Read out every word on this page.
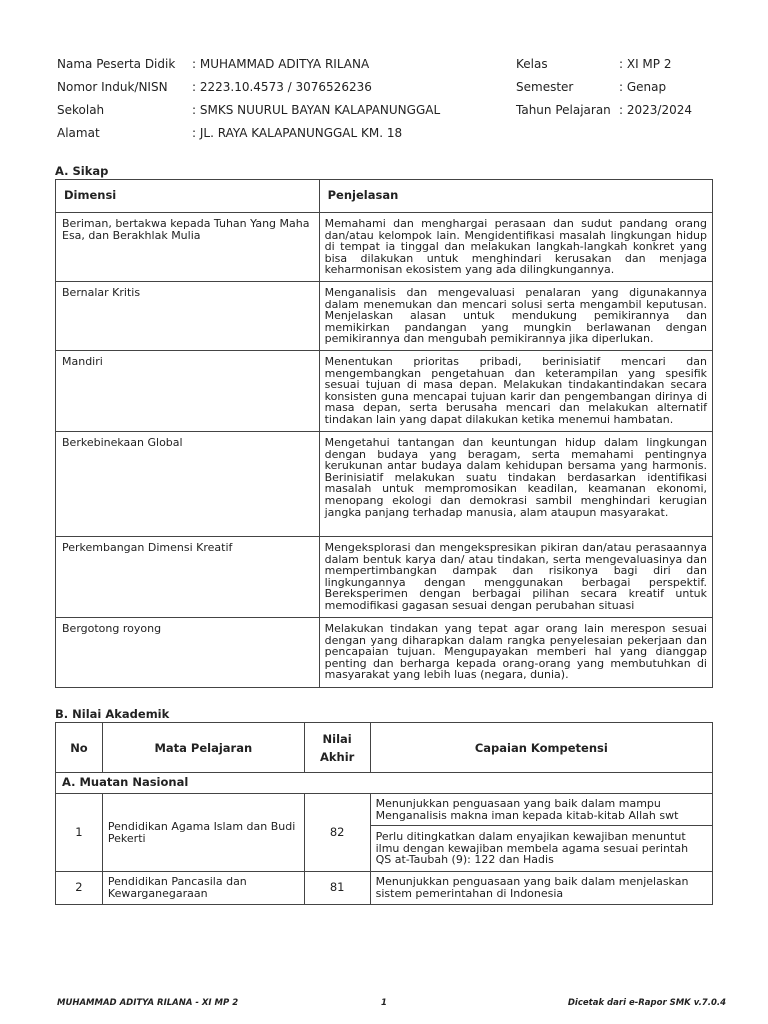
Nama Peserta Didik : MUHAMMAD ADITYA RILANA
Nomor Induk/NISN : 2223.10.4573 / 3076526236
Sekolah	: SMKS NUURUL BAYAN KALAPANUNGGAL
Alamat	: JL. RAYA KALAPANUNGGAL KM. 18
Kelas	: XI MP 2
Semester	: Genap
Tahun Pelajaran : 2023/2024
A. Sikap
Dimensi	Penjelasan
Beriman, bertakwa kepada Tuhan Yang Maha Esa, dan Berakhlak Mulia	Memahami dan menghargai perasaan dan sudut pandang orang dan/atau kelompok lain. Mengidentifikasi masalah lingkungan hidup di tempat ia tinggal dan melakukan langkah-langkah konkret yang bisa dilakukan untuk menghindari kerusakan dan menjaga keharmonisan ekosistem yang ada dilingkungannya.
Bernalar Kritis	Menganalisis dan mengevaluasi penalaran yang digunakannya dalam menemukan dan mencari solusi serta mengambil keputusan. Menjelaskan alasan untuk mendukung pemikirannya dan memikirkan pandangan yang mungkin berlawanan dengan pemikirannya dan mengubah pemikirannya jika diperlukan.
Mandiri	Menentukan prioritas pribadi, berinisiatif mencari dan mengembangkan pengetahuan dan keterampilan yang spesifik sesuai tujuan di masa depan. Melakukan tindakantindakan secara konsisten guna mencapai tujuan karir dan pengembangan dirinya di masa depan, serta berusaha mencari dan melakukan alternatif tindakan lain yang dapat dilakukan ketika menemui hambatan.
Berkebinekaan Global	Mengetahui tantangan dan keuntungan hidup dalam lingkungan dengan budaya yang beragam, serta memahami pentingnya kerukunan antar budaya dalam kehidupan bersama yang harmonis. Berinisiatif melakukan suatu tindakan berdasarkan identifikasi masalah untuk mempromosikan keadilan, keamanan ekonomi, menopang ekologi dan demokrasi sambil menghindari kerugian jangka panjang terhadap manusia, alam ataupun masyarakat.
Perkembangan Dimensi Kreatif	Mengeksplorasi dan mengekspresikan pikiran dan/atau perasaannya dalam bentuk karya dan/ atau tindakan, serta mengevaluasinya dan mempertimbangkan dampak dan risikonya bagi diri dan lingkungannya dengan menggunakan berbagai perspektif. Bereksperimen dengan berbagai pilihan secara kreatif untuk memodifikasi gagasan sesuai dengan perubahan situasi
Bergotong royong	Melakukan tindakan yang tepat agar orang lain merespon sesuai dengan yang diharapkan dalam rangka penyelesaian pekerjaan dan pencapaian tujuan. Mengupayakan memberi hal yang dianggap penting dan berharga kepada orang-orang yang membutuhkan di masyarakat yang lebih luas (negara, dunia).
B. Nilai Akademik
No	Mata Pelajaran	Nilai Akhir	Capaian Kompetensi
A. Muatan Nasional			
1	Pendidikan Agama Islam dan Budi Pekerti	82	Menunjukkan penguasaan yang baik dalam mampu Menganalisis makna iman kepada kitab-kitab Allah swt
			Perlu ditingkatkan dalam enyajikan kewajiban menuntut ilmu dengan kewajiban membela agama sesuai perintah QS at-Taubah (9): 122 dan Hadis
2	Pendidikan Pancasila dan Kewarganegaraan	81	Menunjukkan penguasaan yang baik dalam menjelaskan sistem pemerintahan di Indonesia
MUHAMMAD ADITYA RILANA - XI MP 2	1	Dicetak dari e-Rapor SMK v.7.0.4
